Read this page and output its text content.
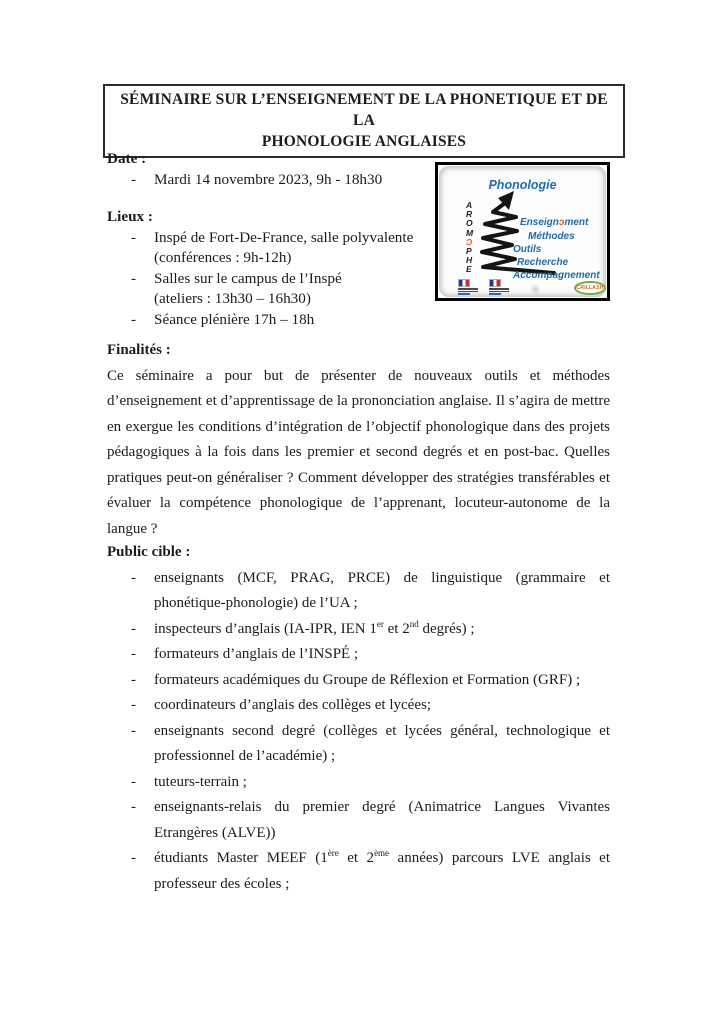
SÉMINAIRE SUR L’ENSEIGNEMENT DE LA PHONETIQUE ET DE LA
PHONOLOGIE ANGLAISES
Date :
-	Mardi 14 novembre 2023, 9h - 18h30
Lieux :
-	Inspé de Fort-De-France, salle polyvalente
(conférences : 9h-12h)
-	Salles sur le campus de l’Inspé
(ateliers : 13h30 – 16h30)
-	Séance plénière 17h – 18h
Phonologie
A
R
O
M
Ɔ
P
H
E
Enseignɔment
Méthodes
Outils
Recherche
Accompagnement
CRILLASH
Finalités :
Ce séminaire a pour but de présenter de nouveaux outils et méthodes d’enseignement et d’apprentissage de la prononciation anglaise. Il s’agira de mettre en exergue les conditions d’intégration de l’objectif phonologique dans des projets pédagogiques à la fois dans les premier et second degrés et en post-bac. Quelles pratiques peut-on généraliser ? Comment développer des stratégies transférables et évaluer la compétence phonologique de l’apprenant, locuteur-autonome de la langue ?
Public cible :
-	enseignants (MCF, PRAG, PRCE) de linguistique (grammaire et phonétique-phonologie) de l’UA ;
-	inspecteurs d’anglais (IA-IPR, IEN 1er et 2nd degrés) ;
-	formateurs d’anglais de l’INSPÉ ;
-	formateurs académiques du Groupe de Réflexion et Formation (GRF) ;
-	coordinateurs d’anglais des collèges et lycées;
-	enseignants second degré (collèges et lycées général, technologique et professionnel de l’académie) ;
-	tuteurs-terrain ;
-	enseignants-relais du premier degré (Animatrice Langues Vivantes Etrangères (ALVE))
-	étudiants Master MEEF (1ère et 2ème années) parcours LVE anglais et professeur des écoles ;
